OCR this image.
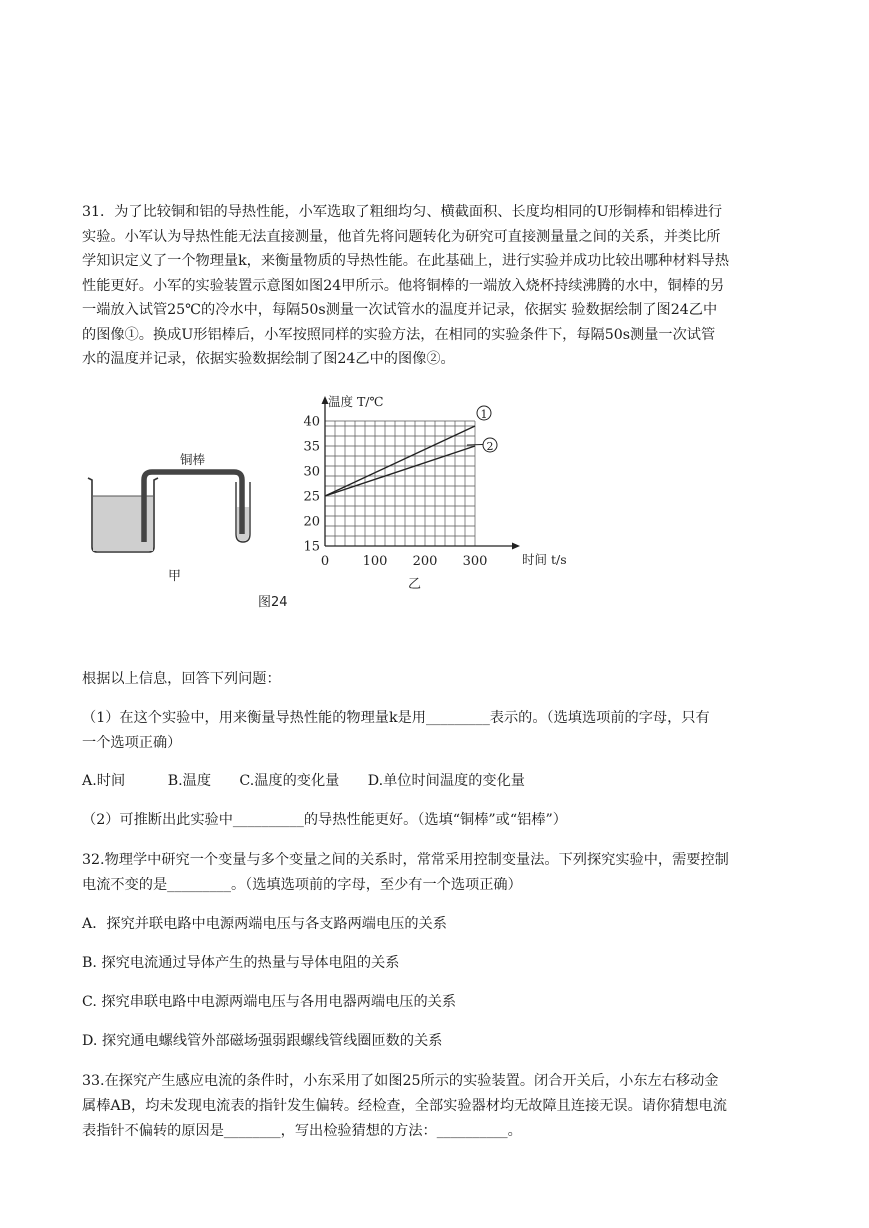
31．为了比较铜和铝的导热性能，小军选取了粗细均匀、横截面积、长度均相同的U形铜棒和铝棒进行
实验。小军认为导热性能无法直接测量，他首先将问题转化为研究可直接测量量之间的关系，并类比所
学知识定义了一个物理量k，来衡量物质的导热性能。在此基础上，进行实验并成功比较出哪种材料导热
性能更好。小军的实验装置示意图如图24甲所示。他将铜棒的一端放入烧杯持续沸腾的水中，铜棒的另
一端放入试管25℃的冷水中，每隔50s测量一次试管水的温度并记录，依据实 验数据绘制了图24乙中
的图像①。换成U形铝棒后，小军按照同样的实验方法，在相同的实验条件下，每隔50s测量一次试管
水的温度并记录，依据实验数据绘制了图24乙中的图像②。
铜棒
甲
15
20
25
30
35
40
0	100 200 300
1
2
温度 T/℃
时间 t/s
乙
图24
根据以上信息，回答下列问题：
（1）在这个实验中，用来衡量导热性能的物理量k是用_________表示的。（选填选项前的字母，只有
一个选项正确）
A.时间　　　B.温度　　C.温度的变化量　　D.单位时间温度的变化量
（2）可推断出此实验中__________的导热性能更好。（选填“铜棒”或“铝棒”）
32.物理学中研究一个变量与多个变量之间的关系时，常常采用控制变量法。下列探究实验中，需要控制
电流不变的是_________。（选填选项前的字母，至少有一个选项正确）
A．探究并联电路中电源两端电压与各支路两端电压的关系
B. 探究电流通过导体产生的热量与导体电阻的关系
C. 探究串联电路中电源两端电压与各用电器两端电压的关系
D. 探究通电螺线管外部磁场强弱跟螺线管线圈匝数的关系
33.在探究产生感应电流的条件时，小东采用了如图25所示的实验装置。闭合开关后，小东左右移动金
属棒AB，均未发现电流表的指针发生偏转。经检查，全部实验器材均无故障且连接无误。请你猜想电流
表指针不偏转的原因是________，写出检验猜想的方法：__________。
